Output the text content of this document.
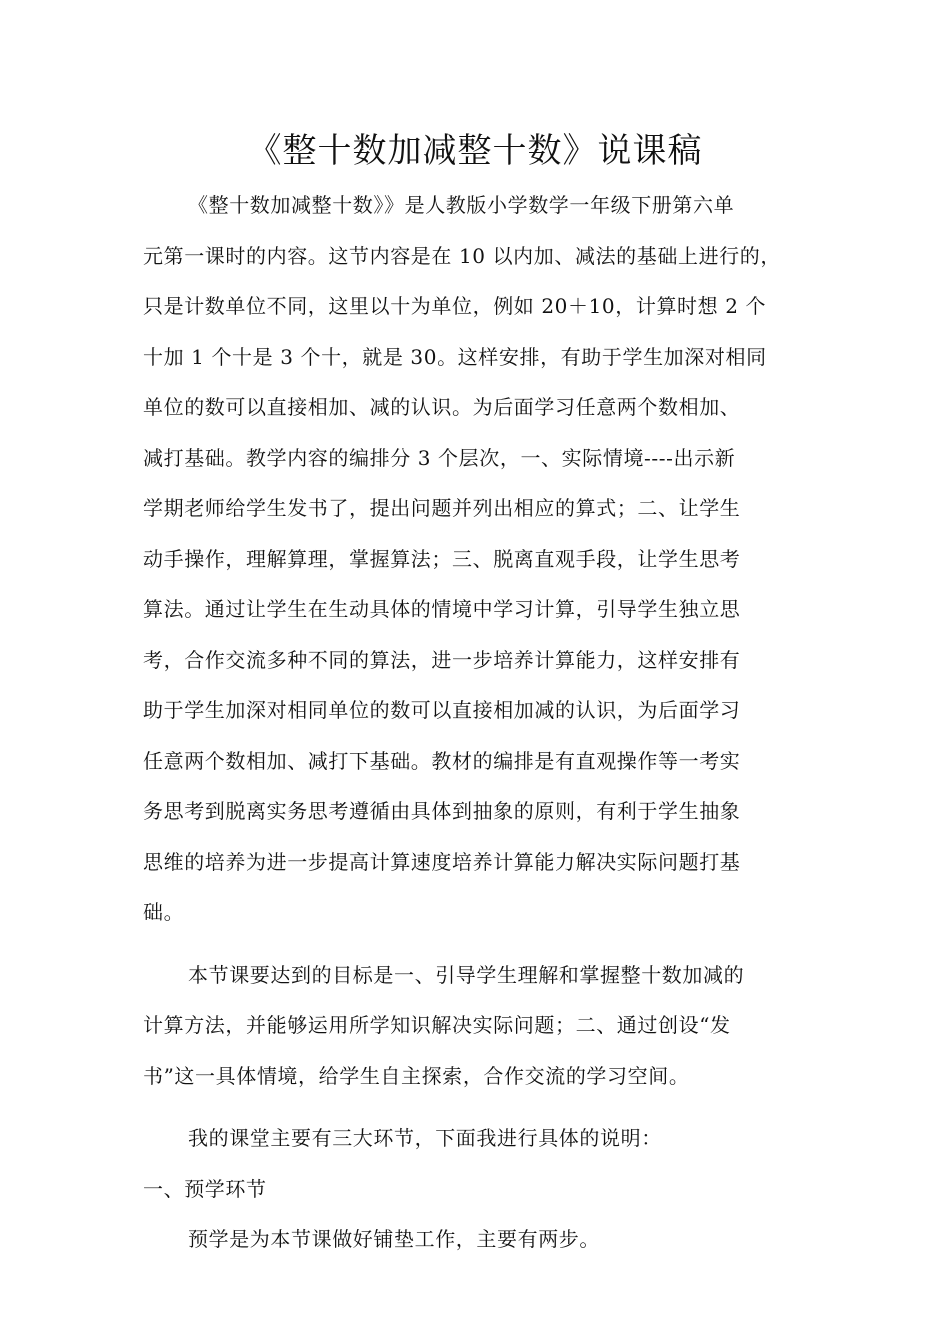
《整十数加减整十数》说课稿
《整十数加减整十数》》是人教版小学数学一年级下册第六单
元第一课时的内容。这节内容是在 10 以内加、减法的基础上进行的，
只是计数单位不同，这里以十为单位，例如 20＋10，计算时想 2 个
十加 1 个十是 3 个十，就是 30。这样安排，有助于学生加深对相同
单位的数可以直接相加、减的认识。为后面学习任意两个数相加、
减打基础。教学内容的编排分 3 个层次，一、实际情境----出示新
学期老师给学生发书了，提出问题并列出相应的算式；二、让学生
动手操作，理解算理，掌握算法；三、脱离直观手段，让学生思考
算法。通过让学生在生动具体的情境中学习计算，引导学生独立思
考，合作交流多种不同的算法，进一步培养计算能力，这样安排有
助于学生加深对相同单位的数可以直接相加减的认识，为后面学习
任意两个数相加、减打下基础。教材的编排是有直观操作等一考实
务思考到脱离实务思考遵循由具体到抽象的原则，有利于学生抽象
思维的培养为进一步提高计算速度培养计算能力解决实际问题打基
础。
本节课要达到的目标是一、引导学生理解和掌握整十数加减的
计算方法，并能够运用所学知识解决实际问题；二、通过创设“发
书”这一具体情境，给学生自主探索，合作交流的学习空间。
我的课堂主要有三大环节，下面我进行具体的说明：
一、预学环节
预学是为本节课做好铺垫工作，主要有两步。
